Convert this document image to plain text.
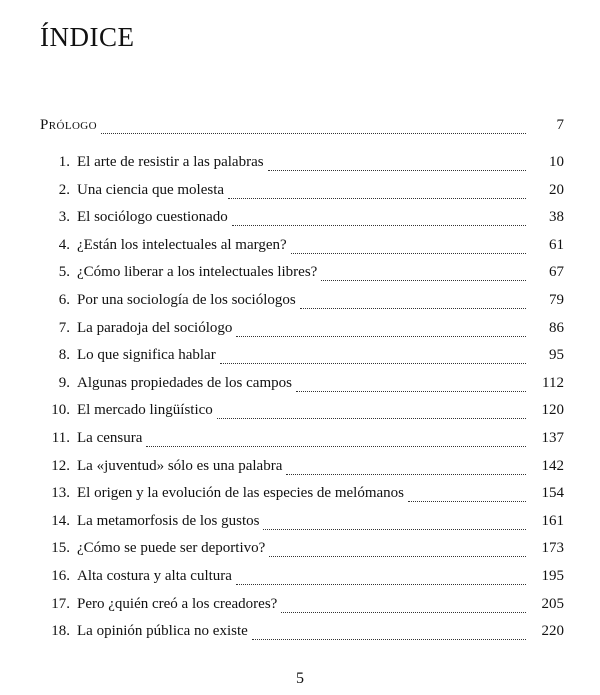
ÍNDICE
Prólogo	7
1. El arte de resistir a las palabras	10
2. Una ciencia que molesta	20
3. El sociólogo cuestionado	38
4. ¿Están los intelectuales al margen?	61
5. ¿Cómo liberar a los intelectuales libres?	67
6. Por una sociología de los sociólogos	79
7. La paradoja del sociólogo	86
8. Lo que significa hablar	95
9. Algunas propiedades de los campos	112
10. El mercado lingüístico	120
11. La censura	137
12. La «juventud» sólo es una palabra	142
13. El origen y la evolución de las especies de melómanos	154
14. La metamorfosis de los gustos	161
15. ¿Cómo se puede ser deportivo?	173
16. Alta costura y alta cultura	195
17. Pero ¿quién creó a los creadores?	205
18. La opinión pública no existe	220
5
